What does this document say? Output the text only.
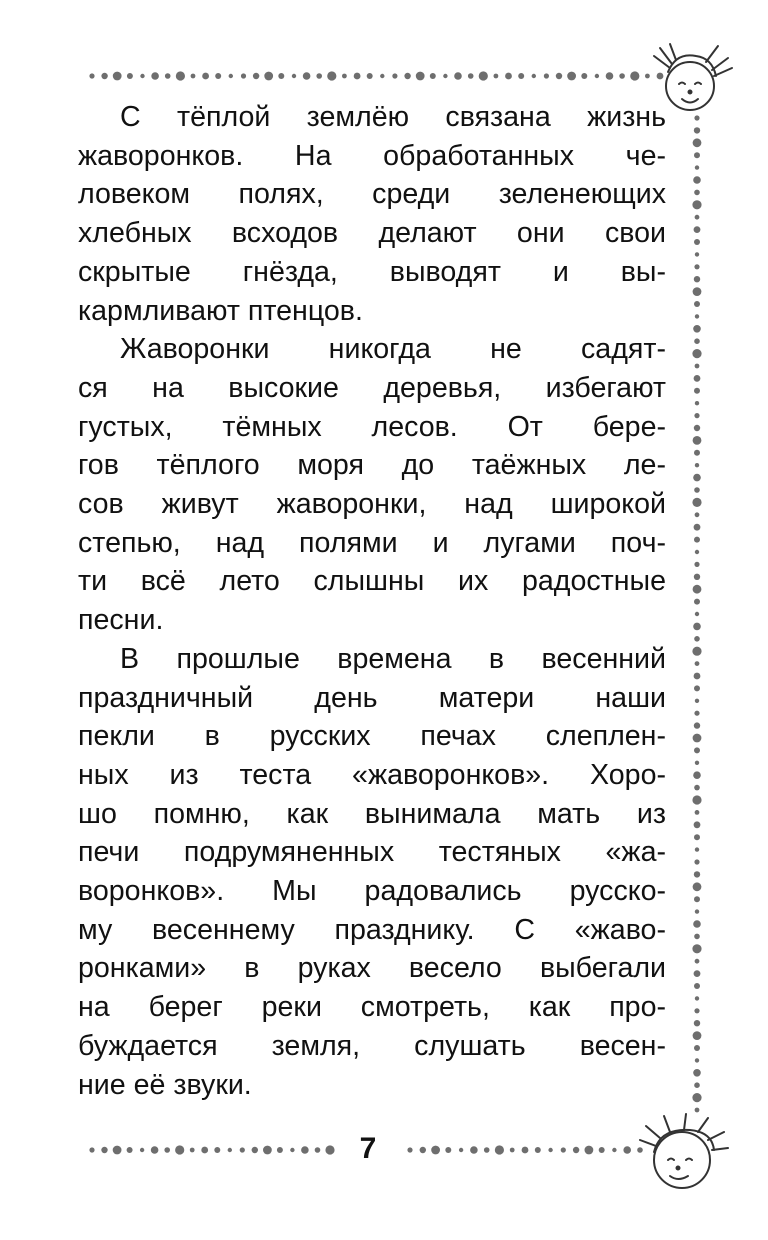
С тёплой землёю связана жизнь
жаворонков. На обработанных че-
ловеком полях, среди зеленеющих
хлебных всходов делают они свои
скрытые гнёзда, выводят и вы-
кармливают птенцов.
Жаворонки никогда не садят-
ся на высокие деревья, избегают
густых, тёмных лесов. От бере-
гов тёплого моря до таёжных ле-
сов живут жаворонки, над широкой
степью, над полями и лугами поч-
ти всё лето слышны их радостные
песни.
В прошлые времена в весенний
праздничный день матери наши
пекли в русских печах слеплен-
ных из теста «жаворонков». Хоро-
шо помню, как вынимала мать из
печи подрумяненных тестяных «жа-
воронков». Мы радовались русско-
му весеннему празднику. С «жаво-
ронками» в руках весело выбегали
на берег реки смотреть, как про-
буждается земля, слушать весен-
ние её звуки.
7
